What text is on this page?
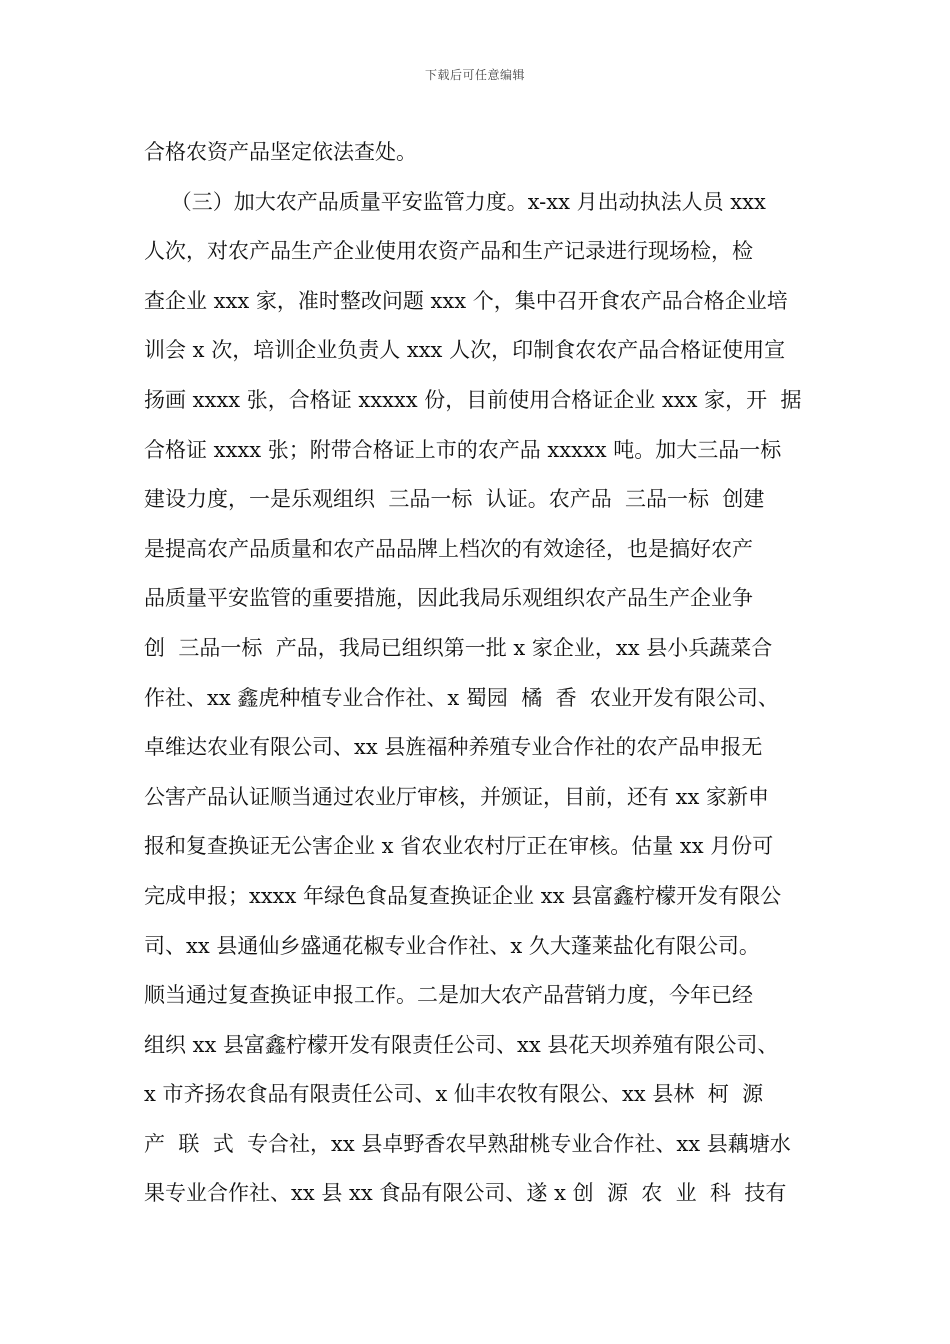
下载后可任意编辑
合格农资产品坚定依法查处。
（三）加大农产品质量平安监管力度。x-xx 月出动执法人员 xxx
人次，对农产品生产企业使用农资产品和生产记录进行现场检，检
查企业 xxx 家，准时整改问题 xxx 个，集中召开食农产品合格企业培
训会 x 次，培训企业负责人 xxx 人次，印制食农农产品合格证使用宣
扬画 xxxx 张，合格证 xxxxx 份，目前使用合格证企业 xxx 家，开  据
合格证 xxxx 张；附带合格证上市的农产品 xxxxx 吨。加大三品一标
建设力度，一是乐观组织  三品一标  认证。农产品  三品一标  创建
是提高农产品质量和农产品品牌上档次的有效途径，也是搞好农产
品质量平安监管的重要措施，因此我局乐观组织农产品生产企业争
创  三品一标  产品，我局已组织第一批 x 家企业，xx 县小兵蔬菜合
作社、xx 鑫虎种植专业合作社、x 蜀园  橘  香  农业开发有限公司、
卓维达农业有限公司、xx 县旌福种养殖专业合作社的农产品申报无
公害产品认证顺当通过农业厅审核，并颁证，目前，还有 xx 家新申
报和复查换证无公害企业 x 省农业农村厅正在审核。估量 xx 月份可
完成申报；xxxx 年绿色食品复查换证企业 xx 县富鑫柠檬开发有限公
司、xx 县通仙乡盛通花椒专业合作社、x 久大蓬莱盐化有限公司。
顺当通过复查换证申报工作。二是加大农产品营销力度，今年已经
组织 xx 县富鑫柠檬开发有限责任公司、xx 县花天坝养殖有限公司、
x 市齐扬农食品有限责任公司、x 仙丰农牧有限公、xx 县林  柯  源
产  联  式  专合社，xx 县卓野香农早熟甜桃专业合作社、xx 县藕塘水
果专业合作社、xx 县 xx 食品有限公司、遂 x 创  源  农  业  科  技有
